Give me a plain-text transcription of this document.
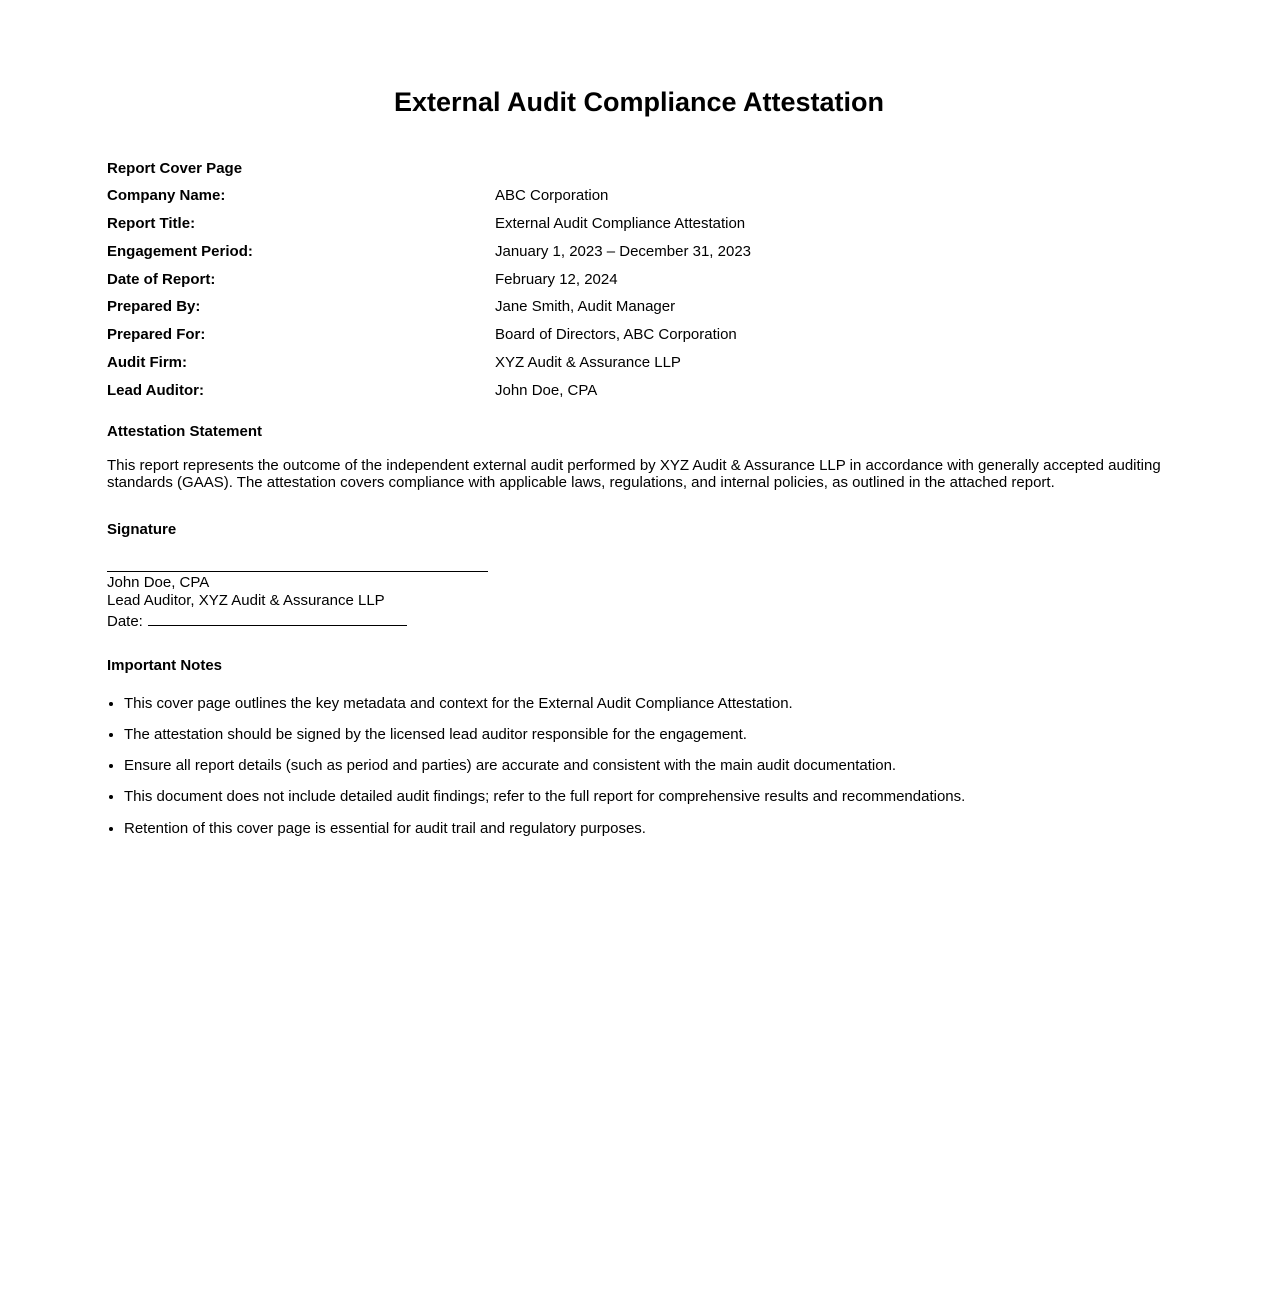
External Audit Compliance Attestation

Report Cover Page

Company Name:	ABC Corporation
Report Title:	External Audit Compliance Attestation
Engagement Period:	January 1, 2023 – December 31, 2023
Date of Report:	February 12, 2024
Prepared By:	Jane Smith, Audit Manager
Prepared For:	Board of Directors, ABC Corporation
Audit Firm:	XYZ Audit & Assurance LLP
Lead Auditor:	John Doe, CPA

Attestation Statement

This report represents the outcome of the independent external audit performed by XYZ Audit & Assurance LLP in accordance with generally accepted auditing standards (GAAS). The attestation covers compliance with applicable laws, regulations, and internal policies, as outlined in the attached report.

Signature

John Doe, CPA
Lead Auditor, XYZ Audit & Assurance LLP
Date:

Important Notes

• This cover page outlines the key metadata and context for the External Audit Compliance Attestation.
• The attestation should be signed by the licensed lead auditor responsible for the engagement.
• Ensure all report details (such as period and parties) are accurate and consistent with the main audit documentation.
• This document does not include detailed audit findings; refer to the full report for comprehensive results and recommendations.
• Retention of this cover page is essential for audit trail and regulatory purposes.
